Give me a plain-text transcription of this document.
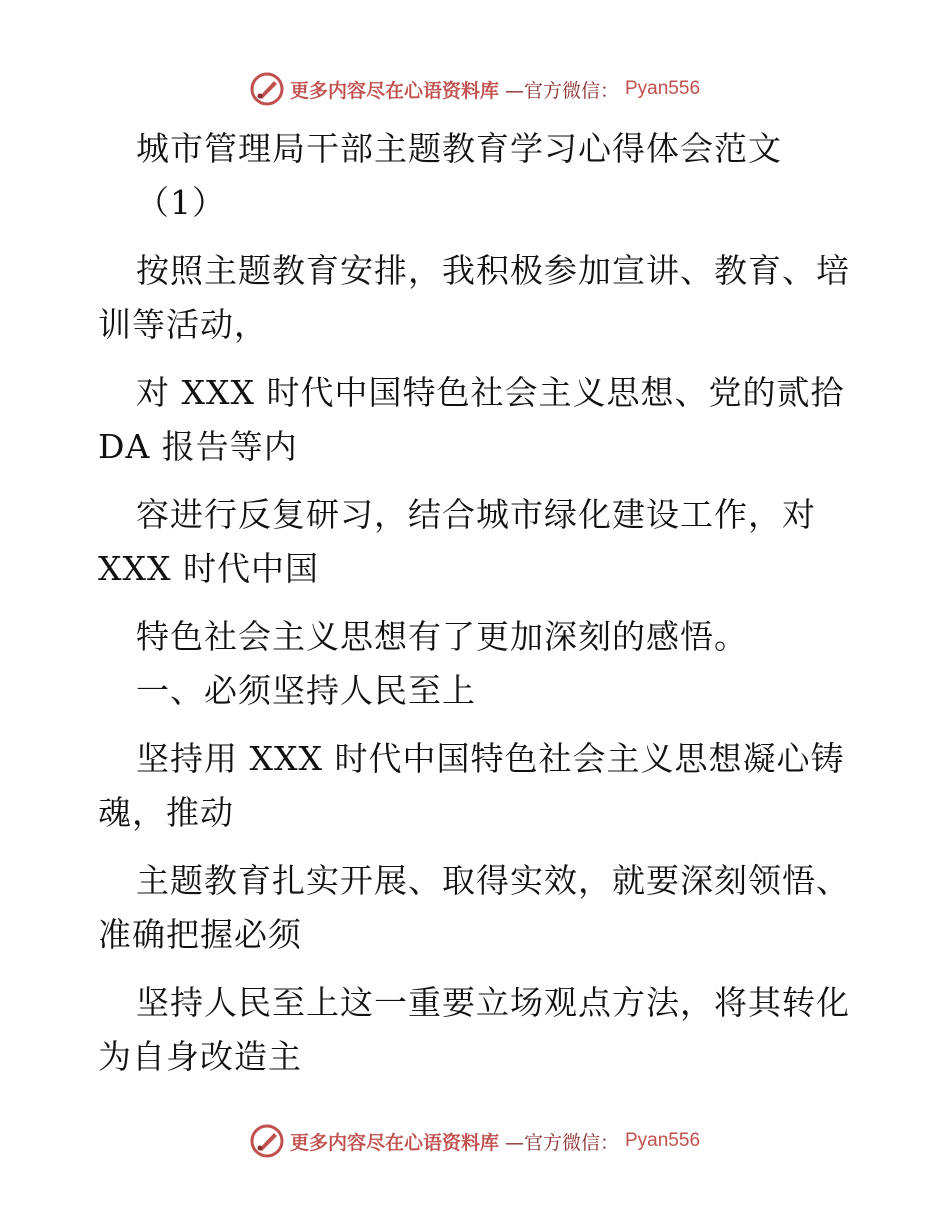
更多内容尽在心语资料库 —官方微信： Pyan556
城市管理局干部主题教育学习心得体会范文
（1）
按照主题教育安排，我积极参加宣讲、教育、培
训等活动，
对 XXX 时代中国特色社会主义思想、党的贰拾
DA 报告等内
容进行反复研习，结合城市绿化建设工作，对
XXX 时代中国
特色社会主义思想有了更加深刻的感悟。
一、必须坚持人民至上
坚持用 XXX 时代中国特色社会主义思想凝心铸
魂，推动
主题教育扎实开展、取得实效，就要深刻领悟、
准确把握必须
坚持人民至上这一重要立场观点方法，将其转化
为自身改造主
更多内容尽在心语资料库 —官方微信： Pyan556
